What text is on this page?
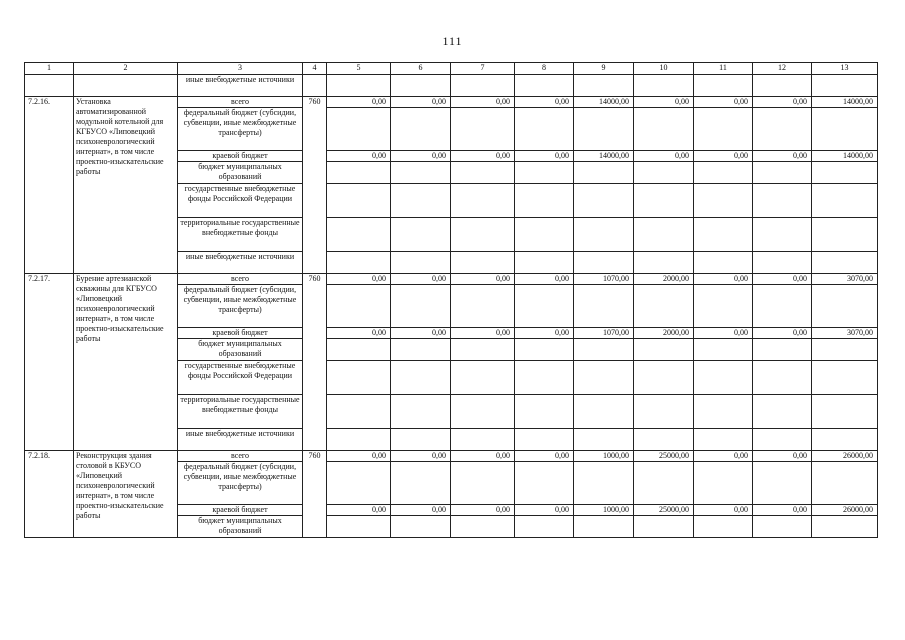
111
1	2	3	4	5	6	7	8	9	10	11	12	13
		иные внебюджетные источники										
7.2.16.	Установка автоматизированной модульной котельной для КГБУСО «Липовецкий психоневрологический интернат», в том числе проектно-изыскательские работы	всего	760	0,00	0,00	0,00	0,00	14000,00	0,00	0,00	0,00	14000,00
		федеральный бюджет (субсидии, субвенции, иные межбюджетные трансферты)										
		краевой бюджет		0,00	0,00	0,00	0,00	14000,00	0,00	0,00	0,00	14000,00
		бюджет муниципальных образований										
		государственные внебюджетные фонды Российской Федерации										
		территориальные государственные внебюджетные фонды										
		иные внебюджетные источники										
7.2.17.	Бурение артезианской скважины для КГБУСО «Липовецкий психоневрологический интернат», в том числе проектно-изыскательские работы	всего	760	0,00	0,00	0,00	0,00	1070,00	2000,00	0,00	0,00	3070,00
		федеральный бюджет (субсидии, субвенции, иные межбюджетные трансферты)										
		краевой бюджет		0,00	0,00	0,00	0,00	1070,00	2000,00	0,00	0,00	3070,00
		бюджет муниципальных образований										
		государственные внебюджетные фонды Российской Федерации										
		территориальные государственные внебюджетные фонды										
		иные внебюджетные источники										
7.2.18.	Реконструкция здания столовой в КБУСО «Липовецкий психоневрологический интернат», в том числе проектно-изыскательские работы	всего	760	0,00	0,00	0,00	0,00	1000,00	25000,00	0,00	0,00	26000,00
		федеральный бюджет (субсидии, субвенции, иные межбюджетные трансферты)										
		краевой бюджет		0,00	0,00	0,00	0,00	1000,00	25000,00	0,00	0,00	26000,00
		бюджет муниципальных образований										
